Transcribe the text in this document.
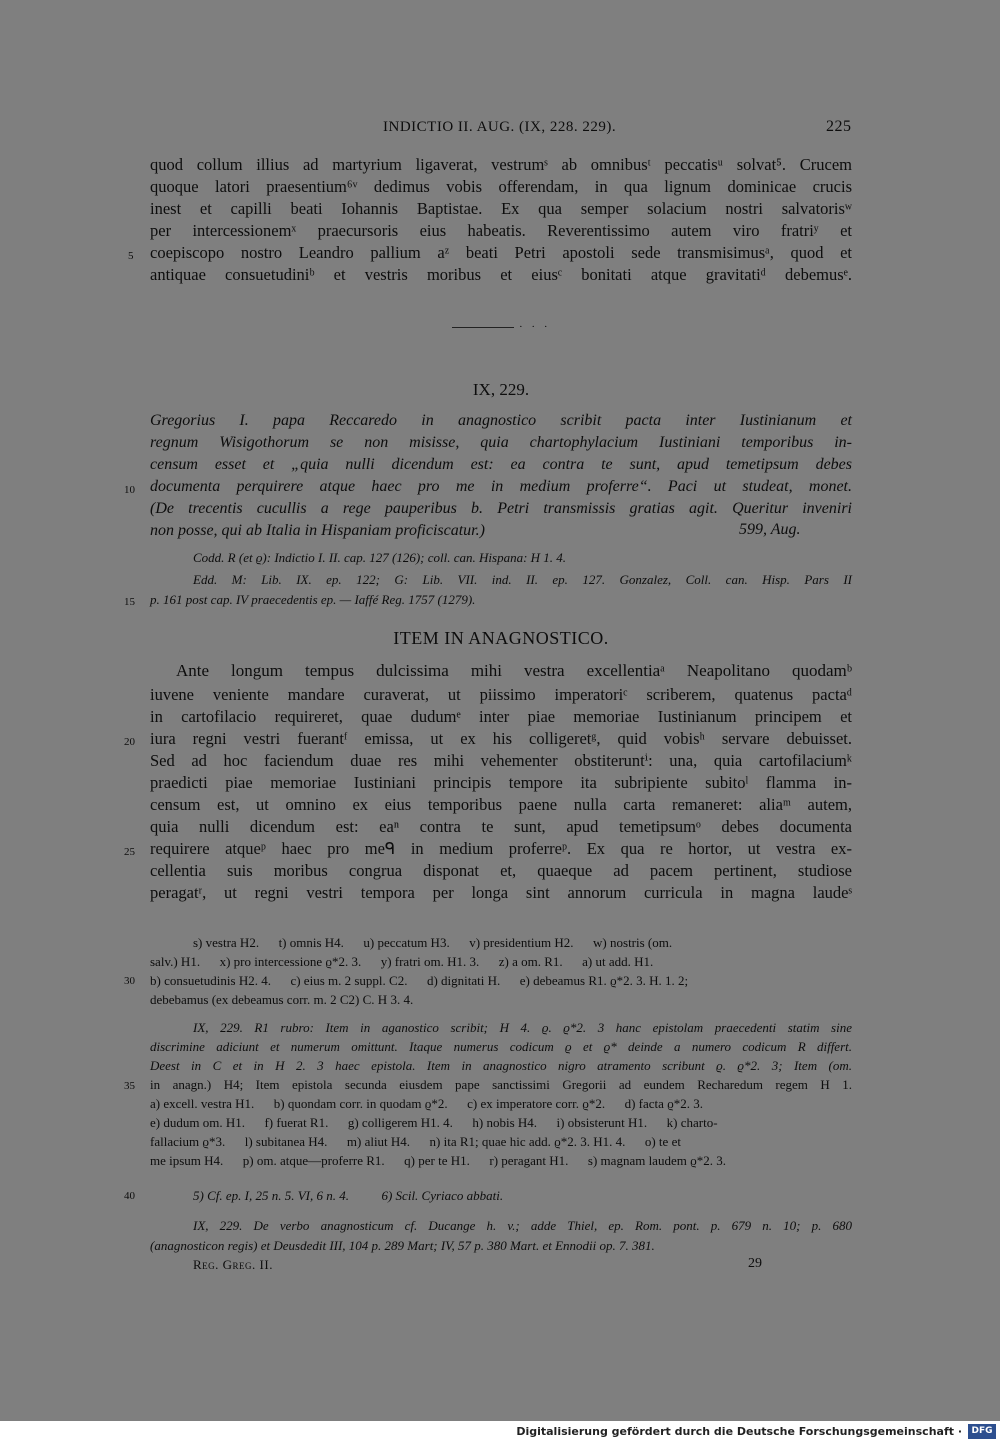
INDICTIO II. AUG. (IX, 228. 229).	225
quod collum illius ad martyrium ligaverat, vestrumˢ ab omnibusᵗ peccatisᵘ solvat⁵. Crucem
quoque latori praesentium⁶ᵛ dedimus vobis offerendam, in qua lignum dominicae crucis
inest et capilli beati Iohannis Baptistae. Ex qua semper solacium nostri salvatorisʷ
per intercessionemˣ praecursoris eius habeatis. Reverentissimo autem viro fratriʸ et
coepiscopo nostro Leandro pallium aᶻ beati Petri apostoli sede transmisimusᵃ, quod et
antiquae consuetudiniᵇ et vestris moribus et eiusᶜ bonitati atque gravitatiᵈ debemusᵉ.
· · ·
IX, 229.
Gregorius I. papa Reccaredo in anagnostico scribit pacta inter Iustinianum et
regnum Wisigothorum se non misisse, quia chartophylacium Iustiniani temporibus in-
censum esset et „quia nulli dicendum est: ea contra te sunt, apud temetipsum debes
documenta perquirere atque haec pro me in medium proferre“. Paci ut studeat, monet.
(De trecentis cucullis a rege pauperibus b. Petri transmissis gratias agit. Queritur inveniri
non posse, qui ab Italia in Hispaniam proficiscatur.)	599, Aug.
Codd. R (et ϱ): Indictio I. II. cap. 127 (126); coll. can. Hispana: H 1. 4.
Edd. M: Lib. IX. ep. 122; G: Lib. VII. ind. II. ep. 127. Gonzalez, Coll. can. Hisp. Pars II
p. 161 post cap. IV praecedentis ep. — Iaffé Reg. 1757 (1279).
ITEM IN ANAGNOSTICO.
Ante longum tempus dulcissima mihi vestra excellentiaᵃ Neapolitano quodamᵇ
iuvene veniente mandare curaverat, ut piissimo imperatoriᶜ scriberem, quatenus pactaᵈ
in cartofilacio requireret, quae dudumᵉ inter piae memoriae Iustinianum principem et
iura regni vestri fuerantᶠ emissa, ut ex his colligeretᵍ, quid vobisʰ servare debuisset.
Sed ad hoc faciendum duae res mihi vehementer obstiteruntⁱ: una, quia cartofilaciumᵏ
praedicti piae memoriae Iustiniani principis tempore ita subripiente subitoˡ flamma in-
censum est, ut omnino ex eius temporibus paene nulla carta remaneret: aliaᵐ autem,
quia nulli dicendum est: eaⁿ contra te sunt, apud temetipsumᵒ debes documenta
requirere atqueᵖ haec pro meᑫ in medium proferreᵖ. Ex qua re hortor, ut vestra ex-
cellentia suis moribus congrua disponat et, quaeque ad pacem pertinent, studiose
peragatʳ, ut regni vestri tempora per longa sint annorum curricula in magna laudeˢ
s) vestra H2.      t) omnis H4.      u) peccatum H3.      v) presidentium H2.      w) nostris (om.
salv.) H1.      x) pro intercessione ϱ*2. 3.      y) fratri om. H1. 3.      z) a om. R1.      a) ut add. H1.
b) consuetudinis H2. 4.      c) eius m. 2 suppl. C2.      d) dignitati H.      e) debeamus R1. ϱ*2. 3. H. 1. 2;
debebamus (ex debeamus corr. m. 2 C2) C. H 3. 4.
IX, 229. R1 rubro: Item in aganostico scribit; H 4. ϱ. ϱ*2. 3 hanc epistolam praecedenti statim sine
discrimine adiciunt et numerum omittunt. Itaque numerus codicum ϱ et ϱ* deinde a numero codicum R differt.
Deest in C et in H 2. 3 haec epistola. Item in anagnostico nigro atramento scribunt ϱ. ϱ*2. 3; Item (om.
in anagn.) H4; Item epistola secunda eiusdem pape sanctissimi Gregorii ad eundem Recharedum regem H 1.
a) excell. vestra H1.      b) quondam corr. in quodam ϱ*2.      c) ex imperatore corr. ϱ*2.      d) facta ϱ*2. 3.
e) dudum om. H1.      f) fuerat R1.      g) colligerem H1. 4.      h) nobis H4.      i) obsisterunt H1.      k) charto-
fallacium ϱ*3.      l) subitanea H4.      m) aliut H4.      n) ita R1; quae hic add. ϱ*2. 3. H1. 4.      o) te et
me ipsum H4.      p) om. atque—proferre R1.      q) per te H1.      r) peragant H1.      s) magnam laudem ϱ*2. 3.
5) Cf. ep. I, 25 n. 5. VI, 6 n. 4.          6) Scil. Cyriaco abbati.
IX, 229. De verbo anagnosticum cf. Ducange h. v.; adde Thiel, ep. Rom. pont. p. 679 n. 10; p. 680
(anagnosticon regis) et Deusdedit III, 104 p. 289 Mart; IV, 57 p. 380 Mart. et Ennodii op. 7. 381.
Reg. Greg. II.	29
5
10
15
20
25
30
35
40
Digitalisierung gefördert durch die Deutsche Forschungsgemeinschaft ·	DFG
